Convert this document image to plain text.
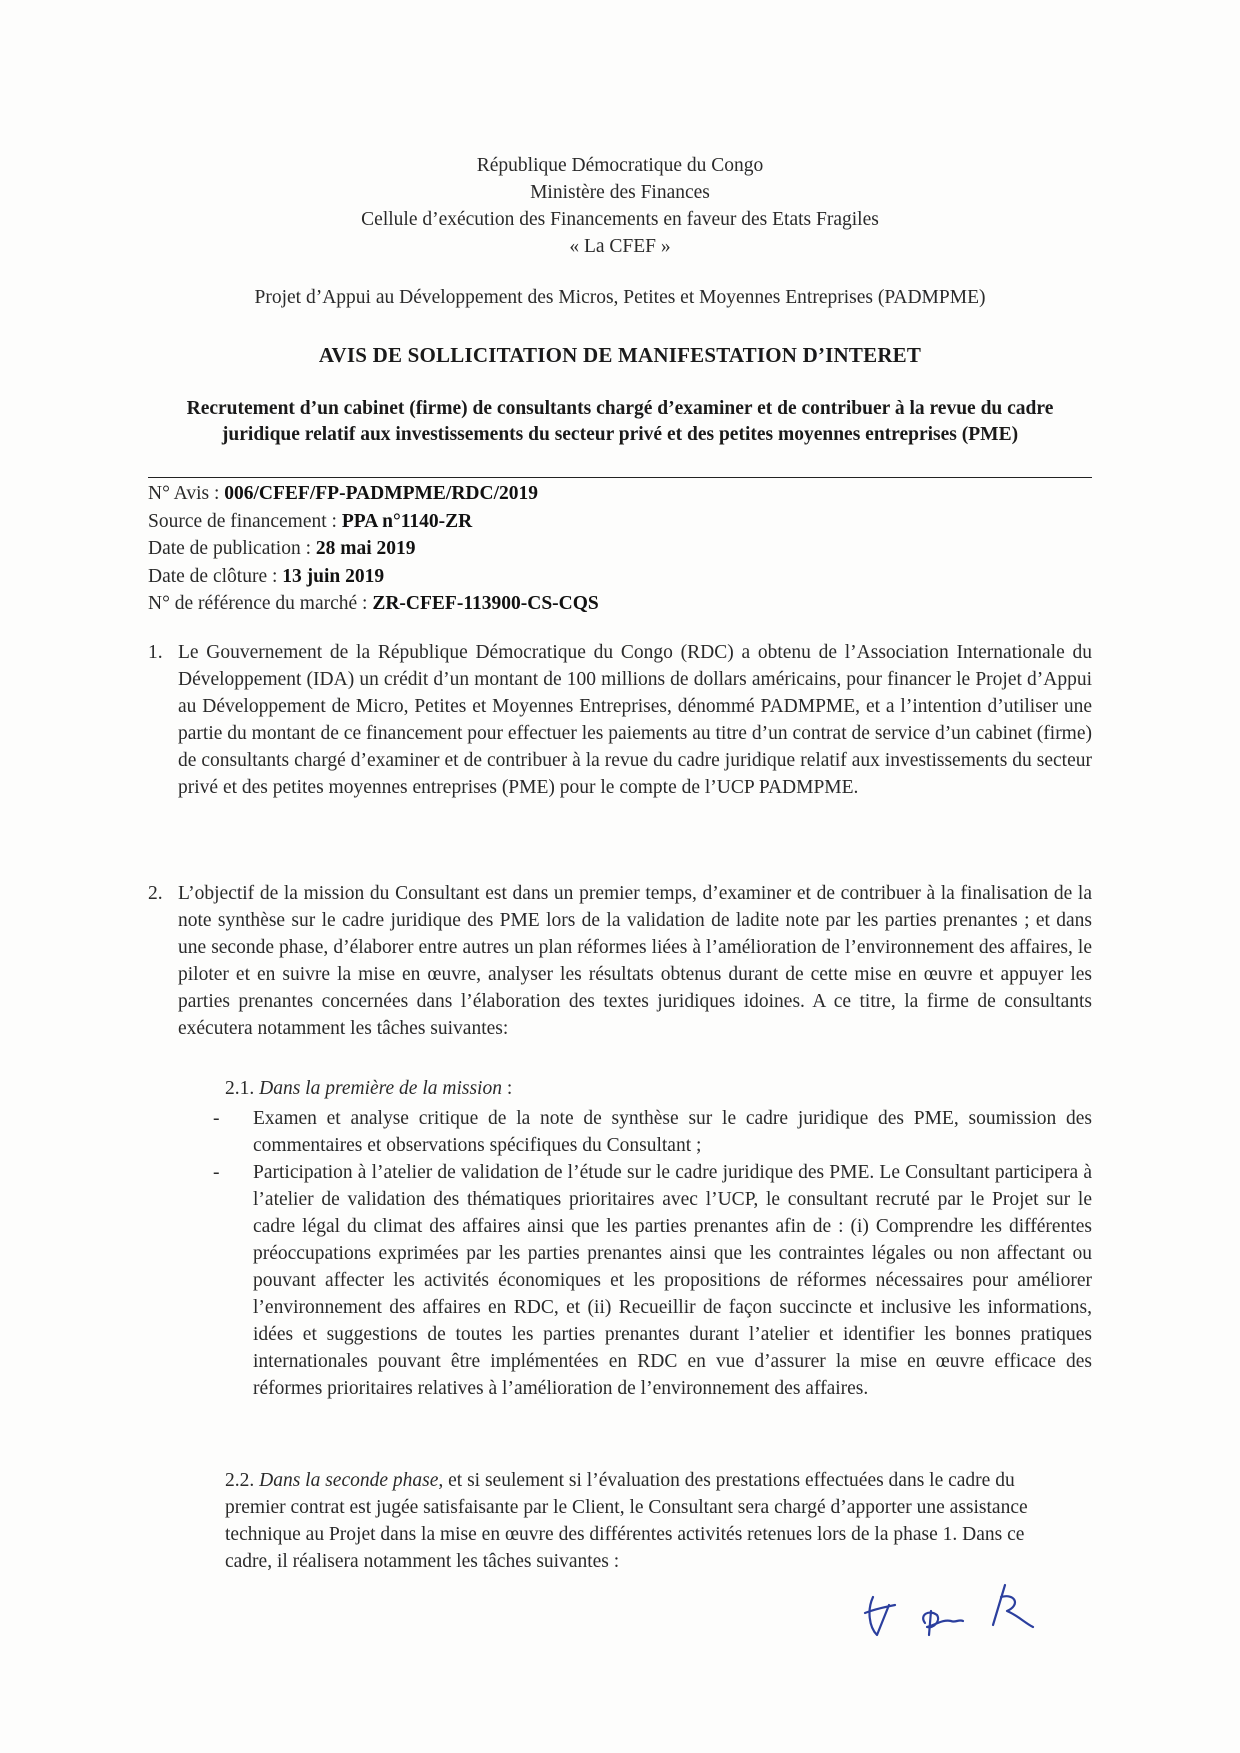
République Démocratique du Congo
Ministère des Finances
Cellule d’exécution des Financements en faveur des Etats Fragiles
« La CFEF »
Projet d’Appui au Développement des Micros, Petites et Moyennes Entreprises (PADMPME)
AVIS DE SOLLICITATION DE MANIFESTATION D’INTERET
Recrutement d’un cabinet (firme) de consultants chargé d’examiner et de contribuer à la revue du cadre juridique relatif aux investissements du secteur privé et des petites moyennes entreprises (PME)
N° Avis : 006/CFEF/FP-PADMPME/RDC/2019
Source de financement : PPA n°1140-ZR
Date de publication : 28 mai 2019
Date de clôture : 13 juin 2019
N° de référence du marché : ZR-CFEF-113900-CS-CQS
1. Le Gouvernement de la République Démocratique du Congo (RDC) a obtenu de l’Association Internationale du Développement (IDA) un crédit d’un montant de 100 millions de dollars américains, pour financer le Projet d’Appui au Développement de Micro, Petites et Moyennes Entreprises, dénommé PADMPME, et a l’intention d’utiliser une partie du montant de ce financement pour effectuer les paiements au titre d’un contrat de service d’un cabinet (firme) de consultants chargé d’examiner et de contribuer à la revue du cadre juridique relatif aux investissements du secteur privé et des petites moyennes entreprises (PME) pour le compte de l’UCP PADMPME.
2. L’objectif de la mission du Consultant est dans un premier temps, d’examiner et de contribuer à la finalisation de la note synthèse sur le cadre juridique des PME lors de la validation de ladite note par les parties prenantes ; et dans une seconde phase, d’élaborer entre autres un plan réformes liées à l’amélioration de l’environnement des affaires, le piloter et en suivre la mise en œuvre, analyser les résultats obtenus durant de cette mise en œuvre et appuyer les parties prenantes concernées dans l’élaboration des textes juridiques idoines. A ce titre, la firme de consultants exécutera notamment les tâches suivantes:
2.1. Dans la première de la mission :
- Examen et analyse critique de la note de synthèse sur le cadre juridique des PME, soumission des commentaires et observations spécifiques du Consultant ;
- Participation à l’atelier de validation de l’étude sur le cadre juridique des PME. Le Consultant participera à l’atelier de validation des thématiques prioritaires avec l’UCP, le consultant recruté par le Projet sur le cadre légal du climat des affaires ainsi que les parties prenantes afin de : (i) Comprendre les différentes préoccupations exprimées par les parties prenantes ainsi que les contraintes légales ou non affectant ou pouvant affecter les activités économiques et les propositions de réformes nécessaires pour améliorer l’environnement des affaires en RDC, et (ii) Recueillir de façon succincte et inclusive les informations, idées et suggestions de toutes les parties prenantes durant l’atelier et identifier les bonnes pratiques internationales pouvant être implémentées en RDC en vue d’assurer la mise en œuvre efficace des réformes prioritaires relatives à l’amélioration de l’environnement des affaires.
2.2. Dans la seconde phase, et si seulement si l’évaluation des prestations effectuées dans le cadre du premier contrat est jugée satisfaisante par le Client, le Consultant sera chargé d’apporter une assistance technique au Projet dans la mise en œuvre des différentes activités retenues lors de la phase 1. Dans ce cadre, il réalisera notamment les tâches suivantes :
